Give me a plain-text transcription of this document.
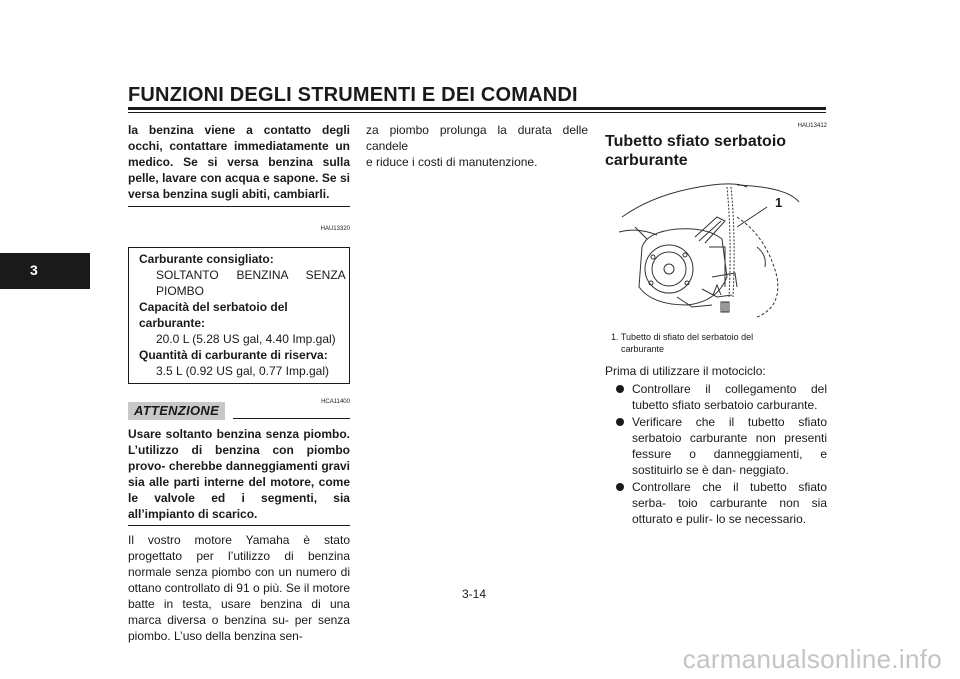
FUNZIONI DEGLI STRUMENTI E DEI COMANDI
3

la benzina viene a contatto degli occhi, contattare immediatamente un medico. Se si versa benzina sulla pelle, lavare con acqua e sapone. Se si versa benzina sugli abiti, cambiarli.

HAU13320
Carburante consigliato:
SOLTANTO BENZINA SENZA PIOMBO
Capacità del serbatoio del
carburante:
20.0 L (5.28 US gal, 4.40 Imp.gal)
Quantità di carburante di riserva:
3.5 L (0.92 US gal, 0.77 Imp.gal)
HCA11400
ATTENZIONE

Usare soltanto benzina senza piombo. L’utilizzo di benzina con piombo provo- cherebbe danneggiamenti gravi sia alle parti interne del motore, come le valvole ed i segmenti, sia all’impianto di scarico.

Il vostro motore Yamaha è stato progettato per l’utilizzo di benzina normale senza piombo con un numero di ottano controllato di 91 o più. Se il motore batte in testa, usare benzina di una marca diversa o benzina su- per senza piombo. L’uso della benzina sen-

za piombo prolunga la durata delle candele
e riduce i costi di manutenzione.

HAU13412
Tubetto sfiato serbatoio
carburante
1
1. Tubetto di sfiato del serbatoio del
carburante

Prima di utilizzare il motociclo:

Controllare il collegamento del tubetto sfiato serbatoio carburante.
Verificare che il tubetto sfiato serbatoio carburante non presenti fessure o danneggiamenti, e sostituirlo se è dan- neggiato.
Controllare che il tubetto sfiato serba- toio carburante non sia otturato e pulir- lo se necessario.
3-14
carmanualsonline.info
